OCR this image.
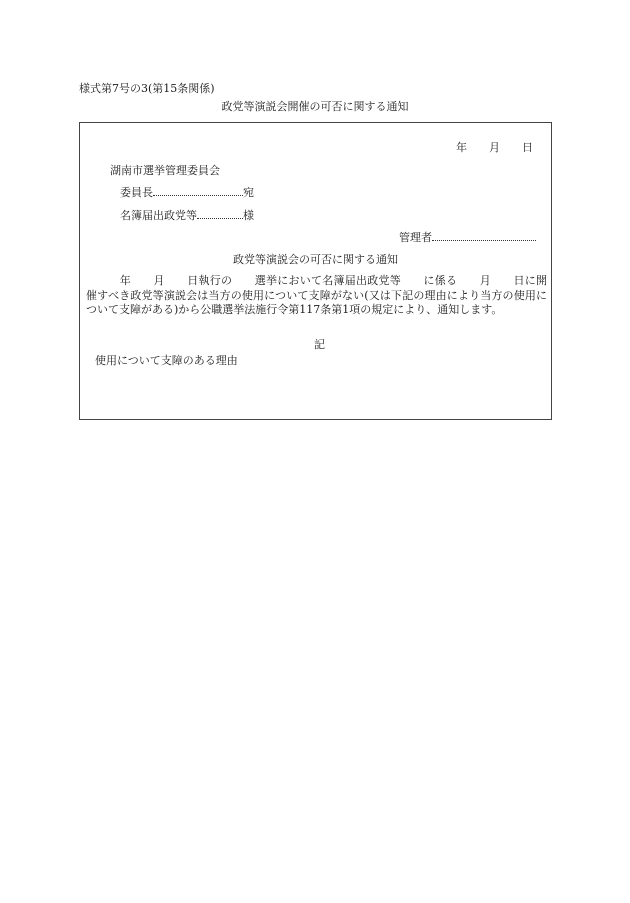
様式第7号の3(第15条関係)
政党等演説会開催の可否に関する通知
年 月 日
湖南市選挙管理委員会
委員長	宛
名簿届出政党等	様
管理者
政党等演説会の可否に関する通知
　　　年　　月　　日執行の　　選挙において名簿届出政党等　　に係る　　月　　日に開催すべき政党等演説会は当方の使用について支障がない(又は下記の理由により当方の使用について支障がある)から公職選挙法施行令第117条第1項の規定により、通知します。
記
使用について支障のある理由
